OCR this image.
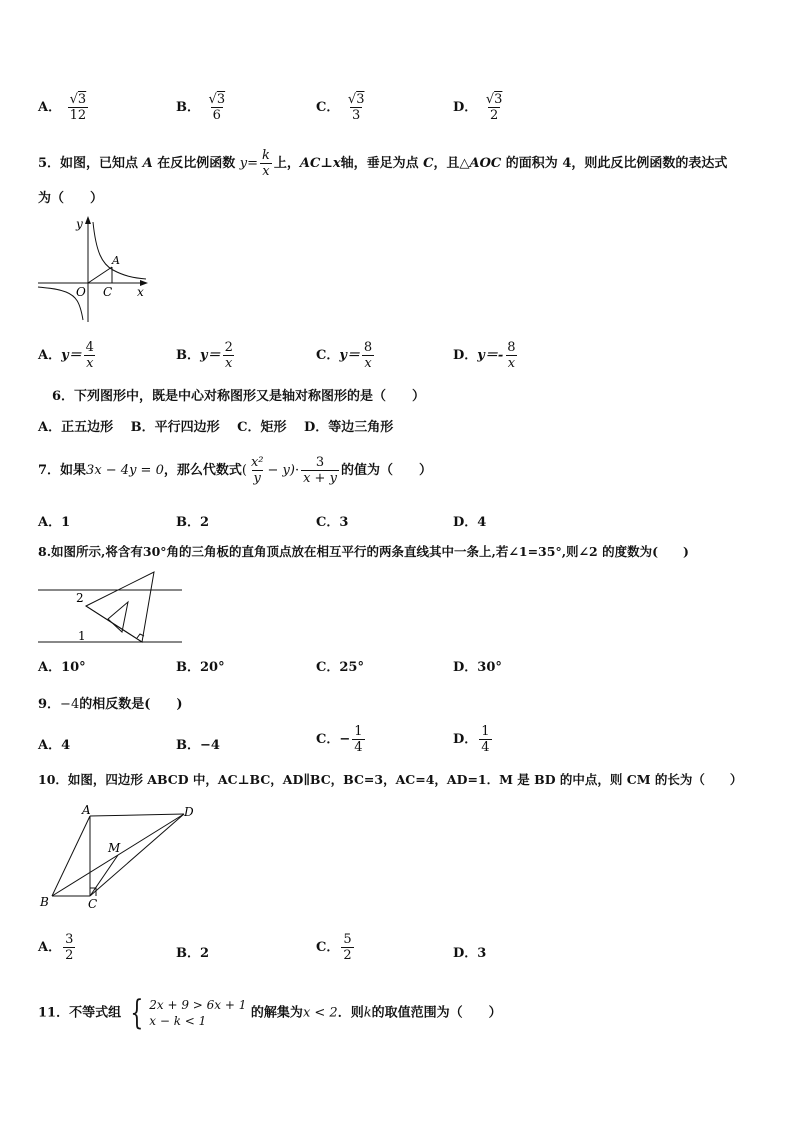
A． $\frac{√3}{12}$	B． $\frac{√3}{6}$	C． $\frac{√3}{3}$	D． $\frac{√3}{2}$
5．如图，已知点 A 在反比例函数 $y= \frac{k}{x}$ 上，AC⊥x轴，垂足为点 C，且△AOC 的面积为 4，则此反比例函数的表达式
为（　　）
y
x
O C
A
A．$y= \frac{4}{x}$	B．$y= \frac{2}{x}$	C．$y= \frac{8}{x}$	D．$y=- \frac{8}{x}$
6．下列图形中，既是中心对称图形又是轴对称图形的是（　　）
A．正五边形　 B．平行四边形　 C．矩形　 D．等边三角形
7．如果3x − 4y = 0，那么代数式( $\frac{\text{x²}}{y} - y)\cdot \frac{3}{x + y}$ 的值为（　　）
A．1	B．2	C．3	D．4
8.如图所示,将含有30°角的三角板的直角顶点放在相互平行的两条直线其中一条上,若∠1=35°,则∠2 的度数为(　　)
2
1
A．10°	B．20°	C．25°	D．30°
9．−4的相反数是(　　)
A．4	B．−4	C．− $\frac{1}{4}$	D． $\frac{1}{4}$
10．如图，四边形 ABCD 中，AC⊥BC，AD∥BC，BC=3，AC=4，AD=1．M 是 BD 的中点，则 CM 的长为（　　）
A	D
B	C
M
A． $\frac{3}{2}$	B．2	C． $\frac{5}{2}$	D．3
11．不等式组 { 2x + 9 > 6x + 1
x − k < 1
的解集为x < 2．则k的取值范围为（　　）
